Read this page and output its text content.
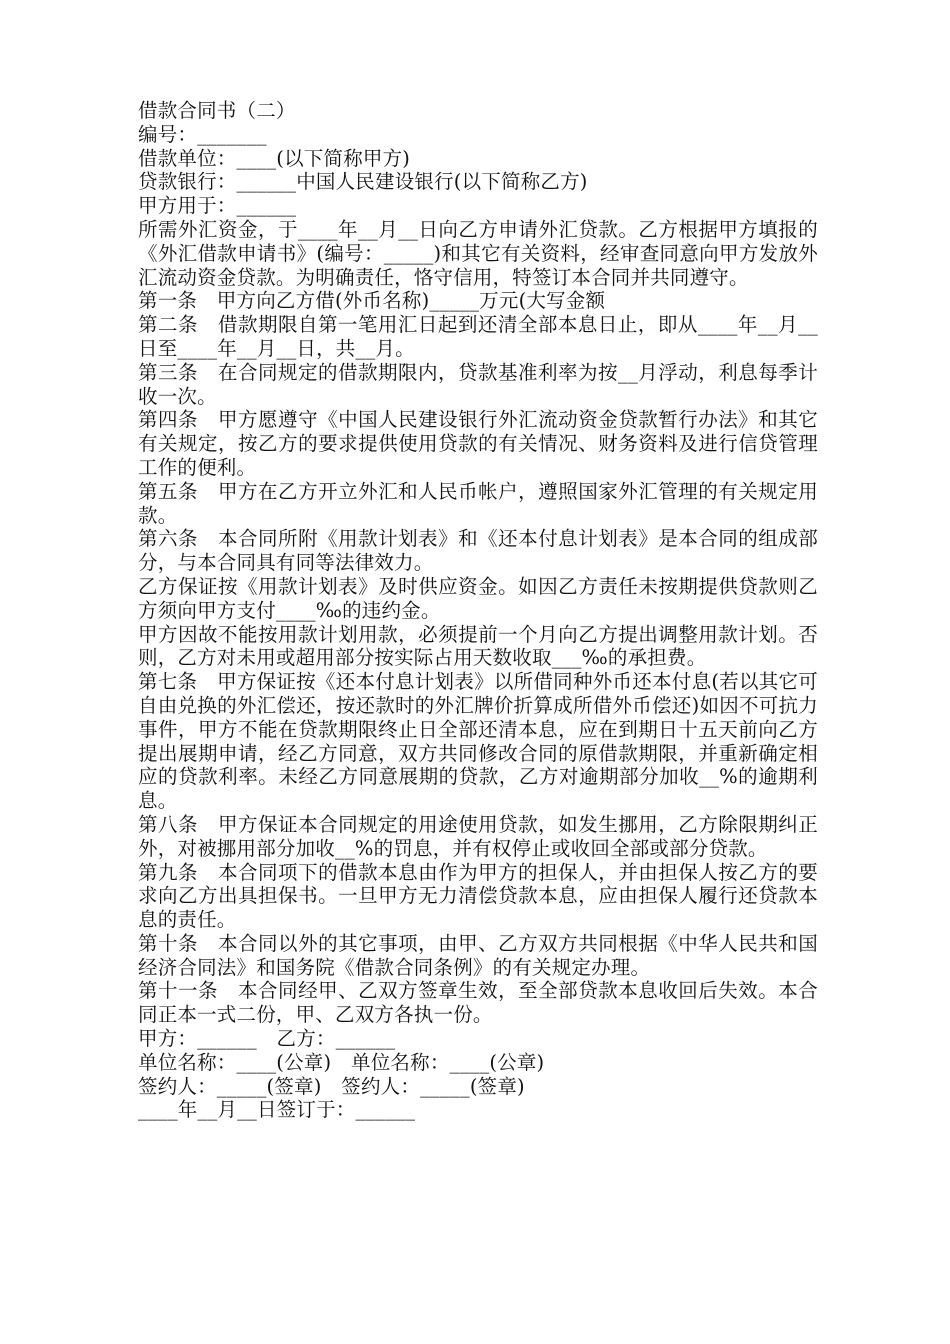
借款合同书（二）

编号：_______

借款单位：____(以下简称甲方)

贷款银行：______中国人民建设银行(以下简称乙方)

甲方用于：______

所需外汇资金，于____年__月__日向乙方申请外汇贷款。乙方根据甲方填报的《外汇借款申请书》(编号：_____)和其它有关资料，经审查同意向甲方发放外汇流动资金贷款。为明确责任，恪守信用，特签订本合同并共同遵守。

第一条　甲方向乙方借(外币名称)_____万元(大写金额

第二条　借款期限自第一笔用汇日起到还清全部本息日止，即从____年__月__日至____年__月__日，共__月。

第三条　在合同规定的借款期限内，贷款基准利率为按__月浮动，利息每季计收一次。

第四条　甲方愿遵守《中国人民建设银行外汇流动资金贷款暂行办法》和其它有关规定，按乙方的要求提供使用贷款的有关情况、财务资料及进行信贷管理工作的便利。

第五条　甲方在乙方开立外汇和人民币帐户，遵照国家外汇管理的有关规定用款。

第六条　本合同所附《用款计划表》和《还本付息计划表》是本合同的组成部分，与本合同具有同等法律效力。

乙方保证按《用款计划表》及时供应资金。如因乙方责任未按期提供贷款则乙方须向甲方支付____‰的违约金。

甲方因故不能按用款计划用款，必须提前一个月向乙方提出调整用款计划。否则，乙方对未用或超用部分按实际占用天数收取___‰的承担费。

第七条　甲方保证按《还本付息计划表》以所借同种外币还本付息(若以其它可自由兑换的外汇偿还，按还款时的外汇牌价折算成所借外币偿还)如因不可抗力事件，甲方不能在贷款期限终止日全部还清本息，应在到期日十五天前向乙方提出展期申请，经乙方同意，双方共同修改合同的原借款期限，并重新确定相应的贷款利率。未经乙方同意展期的贷款，乙方对逾期部分加收__%的逾期利息。

第八条　甲方保证本合同规定的用途使用贷款，如发生挪用，乙方除限期纠正外，对被挪用部分加收__%的罚息，并有权停止或收回全部或部分贷款。

第九条　本合同项下的借款本息由作为甲方的担保人，并由担保人按乙方的要求向乙方出具担保书。一旦甲方无力清偿贷款本息，应由担保人履行还贷款本息的责任。

第十条　本合同以外的其它事项，由甲、乙方双方共同根据《中华人民共和国经济合同法》和国务院《借款合同条例》的有关规定办理。

第十一条　本合同经甲、乙双方签章生效，至全部贷款本息收回后失效。本合同正本一式二份，甲、乙双方各执一份。

甲方：______　乙方：______

单位名称：____(公章)　单位名称：____(公章)

签约人：_____(签章)　签约人：_____(签章)

____年__月__日签订于：______
